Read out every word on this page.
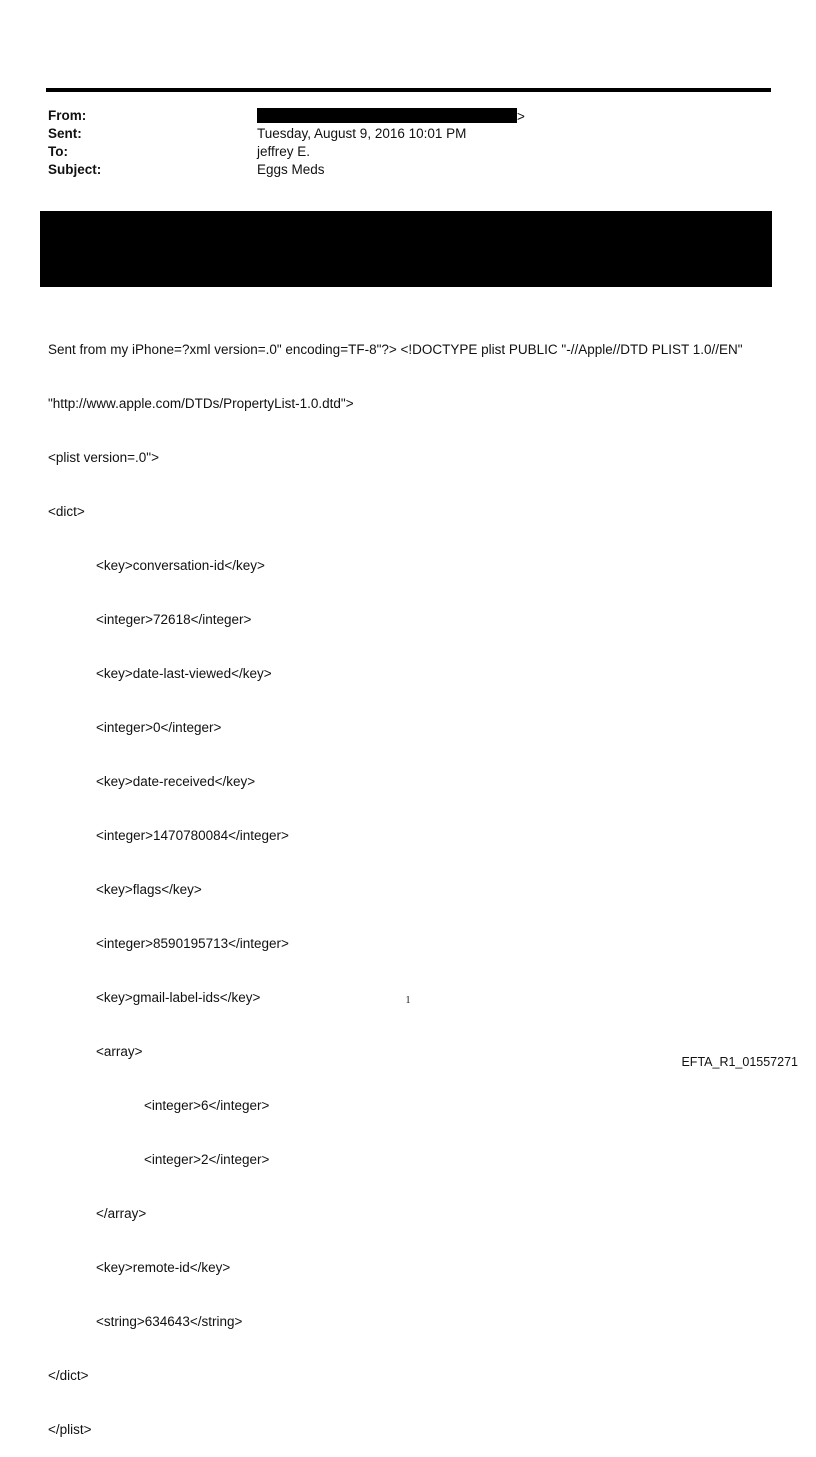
From:	>
Sent:	Tuesday, August 9, 2016 10:01 PM
To:	jeffrey E.
Subject:	Eggs Meds

Sent from my iPhone=?xml version=.0" encoding=TF-8"?> <!DOCTYPE plist PUBLIC "-//Apple//DTD PLIST 1.0//EN"

"http://www.apple.com/DTDs/PropertyList-1.0.dtd">

<plist version=.0">

<dict>

<key>conversation-id</key>

<integer>72618</integer>

<key>date-last-viewed</key>

<integer>0</integer>

<key>date-received</key>

<integer>1470780084</integer>

<key>flags</key>

<integer>8590195713</integer>

<key>gmail-label-ids</key>

<array>

<integer>6</integer>

<integer>2</integer>

</array>

<key>remote-id</key>

<string>634643</string>

</dict>

</plist>

1
EFTA_R1_01557271
